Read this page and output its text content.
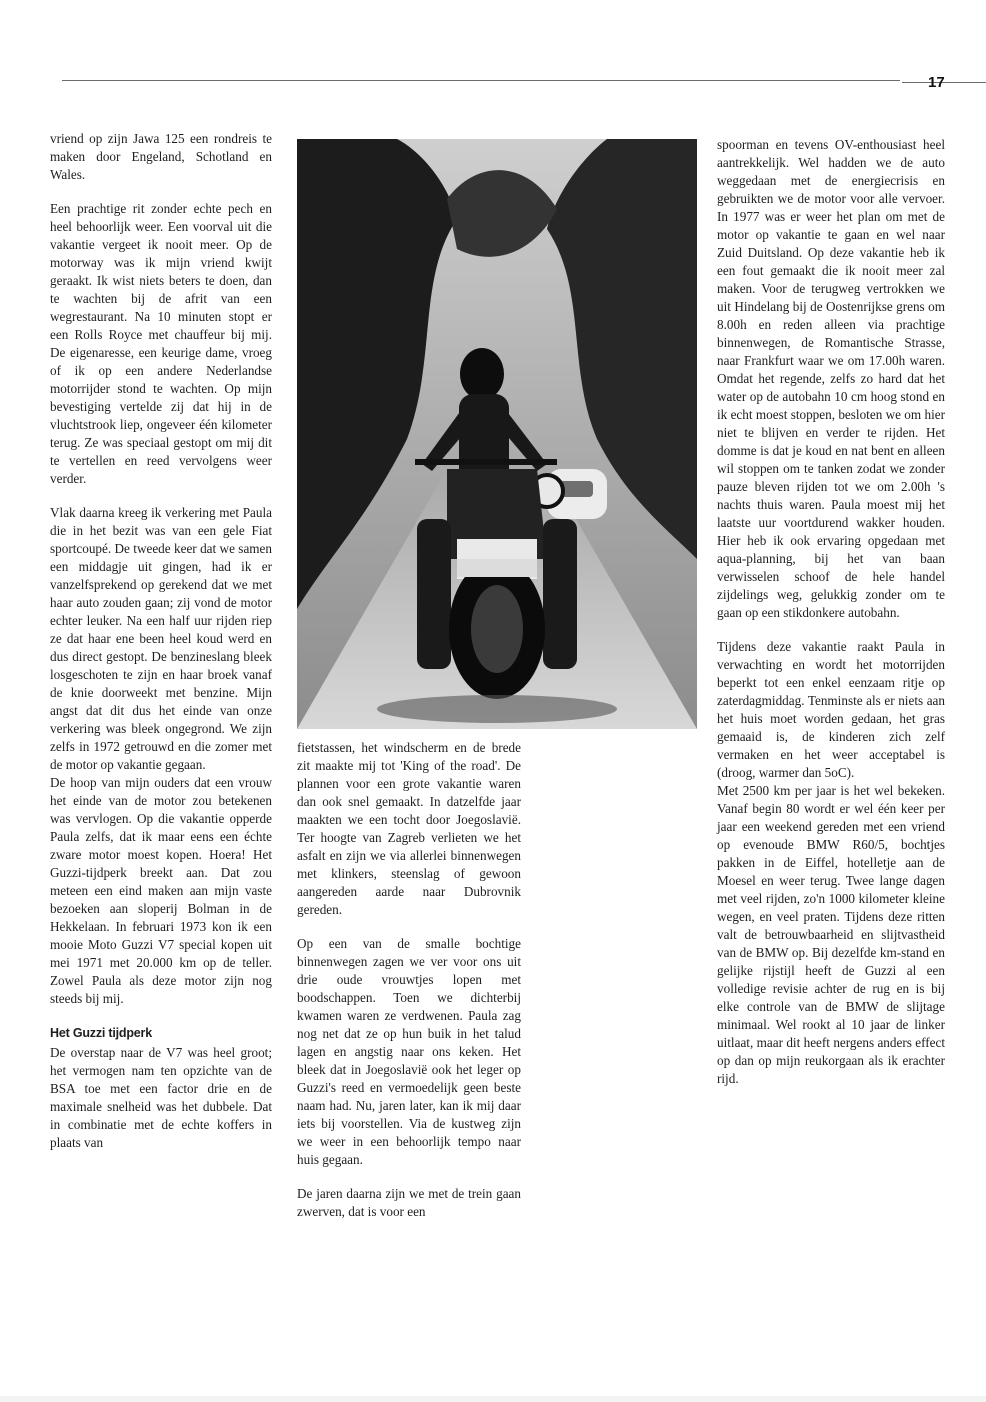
17

vriend op zijn Jawa 125 een rondreis te maken door Engeland, Schotland en Wales.

Een prachtige rit zonder echte pech en heel behoorlijk weer. Een voorval uit die vakantie vergeet ik nooit meer. Op de motorway was ik mijn vriend kwijt geraakt. Ik wist niets beters te doen, dan te wachten bij de afrit van een wegrestaurant. Na 10 minuten stopt er een Rolls Royce met chauffeur bij mij. De eigenaresse, een keurige dame, vroeg of ik op een andere Nederlandse motorrijder stond te wachten. Op mijn bevestiging vertelde zij dat hij in de vluchtstrook liep, ongeveer één kilometer terug. Ze was speciaal gestopt om mij dit te vertellen en reed vervolgens weer verder.

Vlak daarna kreeg ik verkering met Paula die in het bezit was van een gele Fiat sportcoupé. De tweede keer dat we samen een middagje uit gingen, had ik er vanzelfsprekend op gerekend dat we met haar auto zouden gaan; zij vond de motor echter leuker. Na een half uur rijden riep ze dat haar ene been heel koud werd en dus direct gestopt. De benzineslang bleek losgeschoten te zijn en haar broek vanaf de knie doorweekt met benzine. Mijn angst dat dit dus het einde van onze verkering was bleek ongegrond. We zijn zelfs in 1972 getrouwd en die zomer met de motor op vakantie gegaan.

De hoop van mijn ouders dat een vrouw het einde van de motor zou betekenen was vervlogen. Op die vakantie opperde Paula zelfs, dat ik maar eens een échte zware motor moest kopen. Hoera! Het Guzzi-tijdperk breekt aan. Dat zou meteen een eind maken aan mijn vaste bezoeken aan sloperij Bolman in de Hekkelaan. In februari 1973 kon ik een mooie Moto Guzzi V7 special kopen uit mei 1971 met 20.000 km op de teller. Zowel Paula als deze motor zijn nog steeds bij mij.

Het Guzzi tijdperk

De overstap naar de V7 was heel groot; het vermogen nam ten opzichte van de BSA toe met een factor drie en de maximale snelheid was het dubbele. Dat in combinatie met de echte koffers in plaats van

fietstassen, het windscherm en de brede zit maakte mij tot 'King of the road'. De plannen voor een grote vakantie waren dan ook snel gemaakt. In datzelfde jaar maakten we een tocht door Joegoslavië. Ter hoogte van Zagreb verlieten we het asfalt en zijn we via allerlei binnenwegen met klinkers, steenslag of gewoon aangereden aarde naar Dubrovnik gereden.

Op een van de smalle bochtige binnenwegen zagen we ver voor ons uit drie oude vrouwtjes lopen met boodschappen. Toen we dichterbij kwamen waren ze verdwenen. Paula zag nog net dat ze op hun buik in het talud lagen en angstig naar ons keken. Het bleek dat in Joegoslavië ook het leger op Guzzi's reed en vermoedelijk geen beste naam had. Nu, jaren later, kan ik mij daar iets bij voorstellen. Via de kustweg zijn we weer in een behoorlijk tempo naar huis gegaan.

De jaren daarna zijn we met de trein gaan zwerven, dat is voor een

spoorman en tevens OV-enthousiast heel aantrekkelijk. Wel hadden we de auto weggedaan met de energiecrisis en gebruikten we de motor voor alle vervoer. In 1977 was er weer het plan om met de motor op vakantie te gaan en wel naar Zuid Duitsland. Op deze vakantie heb ik een fout gemaakt die ik nooit meer zal maken. Voor de terugweg vertrokken we uit Hindelang bij de Oostenrijkse grens om 8.00h en reden alleen via prachtige binnenwegen, de Romantische Strasse, naar Frankfurt waar we om 17.00h waren. Omdat het regende, zelfs zo hard dat het water op de autobahn 10 cm hoog stond en ik echt moest stoppen, besloten we om hier niet te blijven en verder te rijden. Het domme is dat je koud en nat bent en alleen wil stoppen om te tanken zodat we zonder pauze bleven rijden tot we om 2.00h 's nachts thuis waren. Paula moest mij het laatste uur voortdurend wakker houden. Hier heb ik ook ervaring opgedaan met aqua-planning, bij het van baan verwisselen schoof de hele handel zijdelings weg, gelukkig zonder om te gaan op een stikdonkere autobahn.

Tijdens deze vakantie raakt Paula in verwachting en wordt het motorrijden beperkt tot een enkel eenzaam ritje op zaterdagmiddag. Tenminste als er niets aan het huis moet worden gedaan, het gras gemaaid is, de kinderen zich zelf vermaken en het weer acceptabel is (droog, warmer dan 5oC).

Met 2500 km per jaar is het wel bekeken. Vanaf begin 80 wordt er wel één keer per jaar een weekend gereden met een vriend op evenoude BMW R60/5, bochtjes pakken in de Eiffel, hotelletje aan de Moesel en weer terug. Twee lange dagen met veel rijden, zo'n 1000 kilometer kleine wegen, en veel praten. Tijdens deze ritten valt de betrouwbaarheid en slijtvastheid van de BMW op. Bij dezelfde km-stand en gelijke rijstijl heeft de Guzzi al een volledige revisie achter de rug en is bij elke controle van de BMW de slijtage minimaal. Wel rookt al 10 jaar de linker uitlaat, maar dit heeft nergens anders effect op dan op mijn reukorgaan als ik erachter rijd.
